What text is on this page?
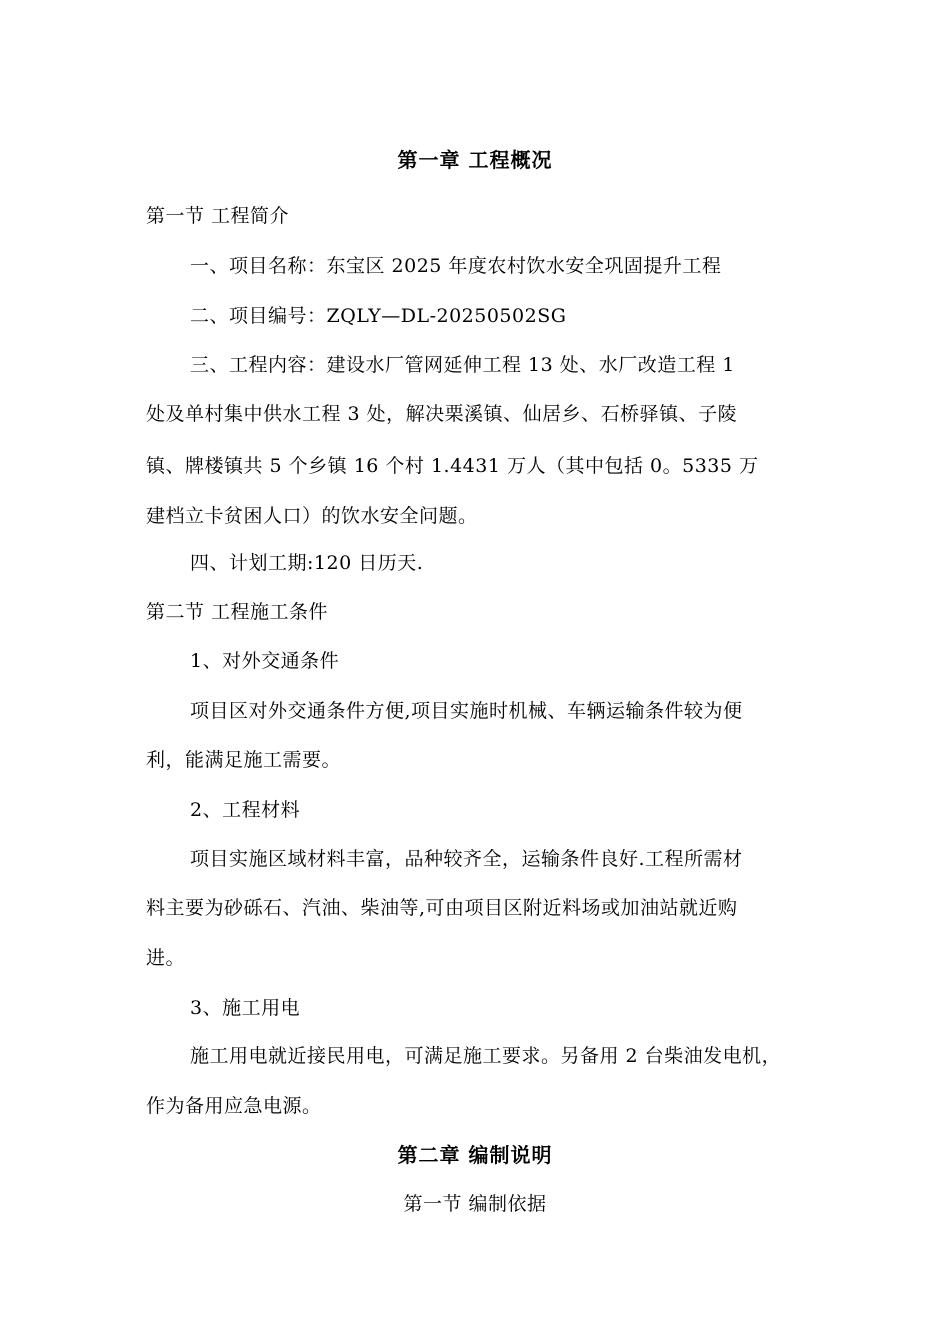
第一章 工程概况
第一节 工程简介
一、项目名称：东宝区 2025 年度农村饮水安全巩固提升工程
二、项目编号：ZQLY—DL-20250502SG
三、工程内容：建设水厂管网延伸工程 13 处、水厂改造工程 1
处及单村集中供水工程 3 处，解决栗溪镇、仙居乡、石桥驿镇、子陵
镇、牌楼镇共 5 个乡镇 16 个村 1.4431 万人（其中包括 0。5335 万
建档立卡贫困人口）的饮水安全问题。
四、计划工期:120 日历天.
第二节 工程施工条件
1、对外交通条件
项目区对外交通条件方便,项目实施时机械、车辆运输条件较为便
利，能满足施工需要。
2、工程材料
项目实施区域材料丰富，品种较齐全，运输条件良好.工程所需材
料主要为砂砾石、汽油、柴油等,可由项目区附近料场或加油站就近购
进。
3、施工用电
施工用电就近接民用电，可满足施工要求。另备用 2 台柴油发电机，
作为备用应急电源。
第二章 编制说明
第一节 编制依据
